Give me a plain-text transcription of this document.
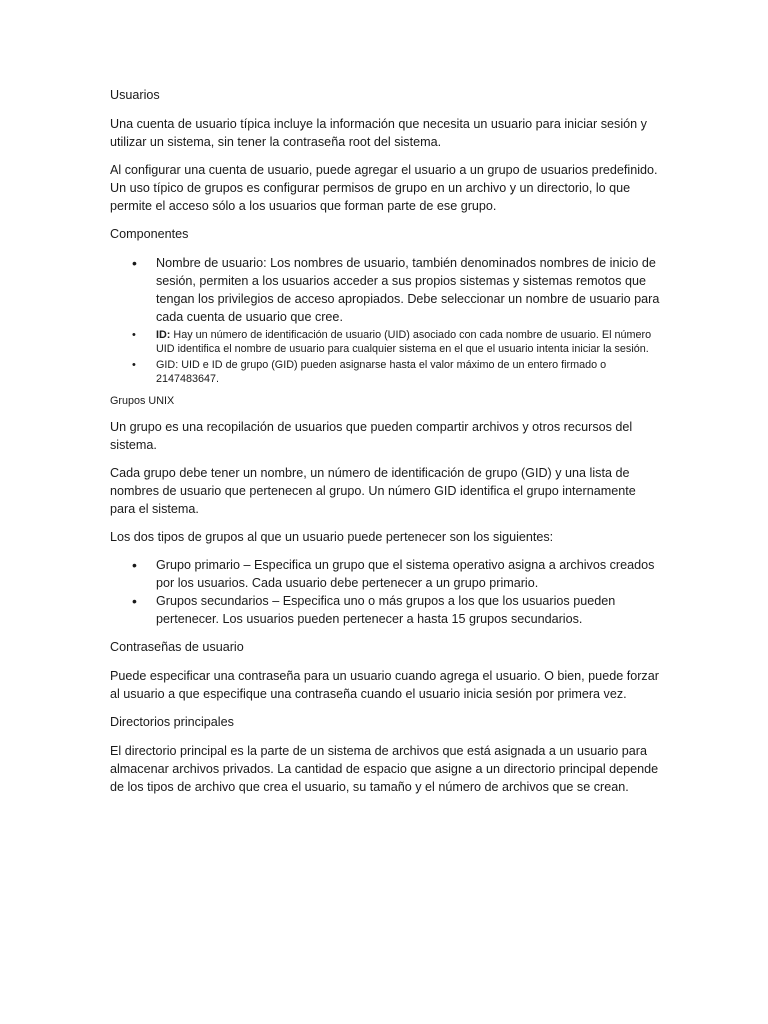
Usuarios

Una cuenta de usuario típica incluye la información que necesita un usuario para iniciar sesión y utilizar un sistema, sin tener la contraseña root del sistema.

Al configurar una cuenta de usuario, puede agregar el usuario a un grupo de usuarios predefinido. Un uso típico de grupos es configurar permisos de grupo en un archivo y un directorio, lo que permite el acceso sólo a los usuarios que forman parte de ese grupo.

Componentes
• Nombre de usuario: Los nombres de usuario, también denominados nombres de inicio de sesión, permiten a los usuarios acceder a sus propios sistemas y sistemas remotos que tengan los privilegios de acceso apropiados. Debe seleccionar un nombre de usuario para cada cuenta de usuario que cree.
• ID: Hay un número de identificación de usuario (UID) asociado con cada nombre de usuario. El número UID identifica el nombre de usuario para cualquier sistema en el que el usuario intenta iniciar la sesión.
• GID: UID e ID de grupo (GID) pueden asignarse hasta el valor máximo de un entero firmado o 2147483647.
Grupos UNIX

Un grupo es una recopilación de usuarios que pueden compartir archivos y otros recursos del sistema.

Cada grupo debe tener un nombre, un número de identificación de grupo (GID) y una lista de nombres de usuario que pertenecen al grupo. Un número GID identifica el grupo internamente para el sistema.

Los dos tipos de grupos al que un usuario puede pertenecer son los siguientes:

• Grupo primario – Especifica un grupo que el sistema operativo asigna a archivos creados por los usuarios. Cada usuario debe pertenecer a un grupo primario.
• Grupos secundarios – Especifica uno o más grupos a los que los usuarios pueden pertenecer. Los usuarios pueden pertenecer a hasta 15 grupos secundarios.
Contraseñas de usuario

Puede especificar una contraseña para un usuario cuando agrega el usuario. O bien, puede forzar al usuario a que especifique una contraseña cuando el usuario inicia sesión por primera vez.

Directorios principales

El directorio principal es la parte de un sistema de archivos que está asignada a un usuario para almacenar archivos privados. La cantidad de espacio que asigne a un directorio principal depende de los tipos de archivo que crea el usuario, su tamaño y el número de archivos que se crean.
